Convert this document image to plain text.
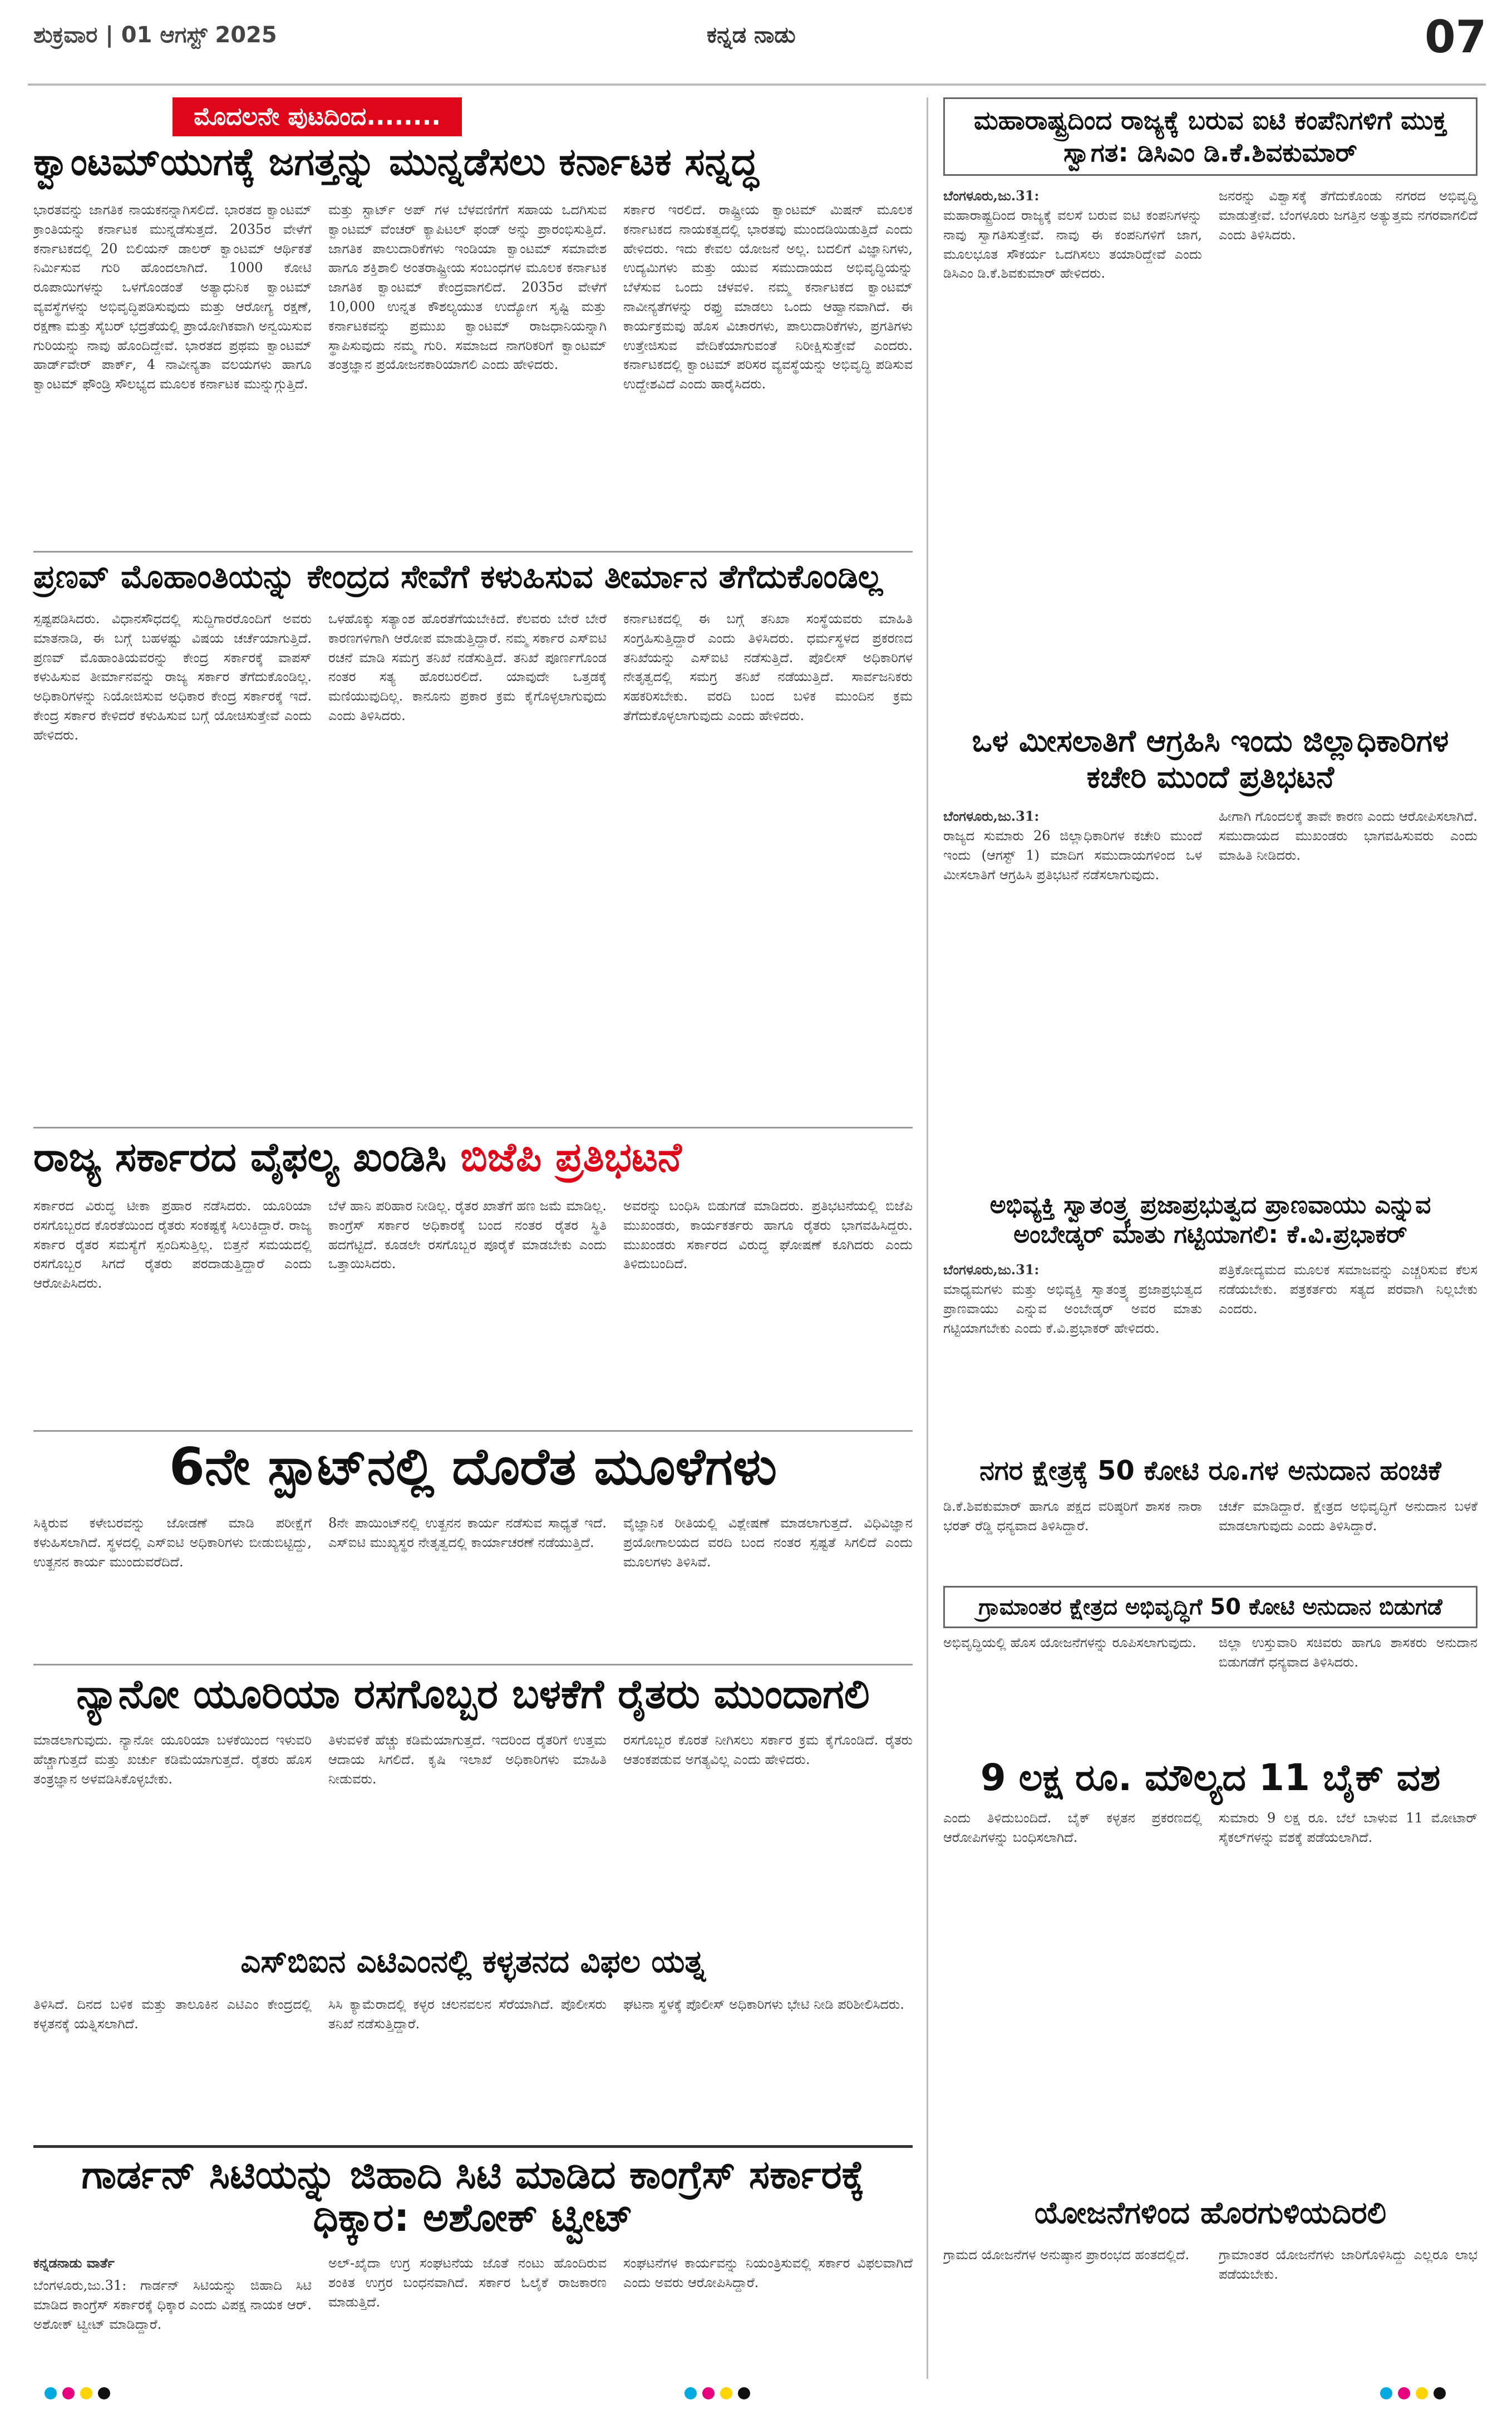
ಶುಕ್ರವಾರ | 01 ಆಗಸ್ಟ್ 2025	ಕನ್ನಡ ನಾಡು	07
ಮೊದಲನೇ ಪುಟದಿಂದ........
ಕ್ವಾಂಟಮ್‌ಯುಗಕ್ಕೆ ಜಗತ್ತನ್ನು ಮುನ್ನಡೆಸಲು ಕರ್ನಾಟಕ ಸನ್ನದ್ಧ
ಭಾರತವನ್ನು ಜಾಗತಿಕ ನಾಯಕನನ್ನಾಗಿಸಲಿದೆ. ಭಾರತದ ಕ್ವಾಂಟಮ್ ಕ್ರಾಂತಿಯನ್ನು ಕರ್ನಾಟಕ ಮುನ್ನಡೆಸುತ್ತದೆ. 2035ರ ವೇಳೆಗೆ ಕರ್ನಾಟಕದಲ್ಲಿ 20 ಬಿಲಿಯನ್ ಡಾಲರ್ ಕ್ವಾಂಟಮ್ ಆರ್ಥಿಕತೆ ನಿರ್ಮಿಸುವ ಗುರಿ ಹೊಂದಲಾಗಿದೆ. 1000 ಕೋಟಿ ರೂಪಾಯಿಗಳನ್ನು ಒಳಗೊಂಡಂತೆ ಅತ್ಯಾಧುನಿಕ ಕ್ವಾಂಟಮ್ ವ್ಯವಸ್ಥೆಗಳನ್ನು ಅಭಿವೃದ್ಧಿಪಡಿಸುವುದು ಮತ್ತು ಆರೋಗ್ಯ ರಕ್ಷಣೆ, ರಕ್ಷಣಾ ಮತ್ತು ಸೈಬರ್ ಭದ್ರತೆಯಲ್ಲಿ ಪ್ರಾಯೋಗಿಕವಾಗಿ ಅನ್ವಯಿಸುವ ಗುರಿಯನ್ನು ನಾವು ಹೊಂದಿದ್ದೇವೆ. ಭಾರತದ ಪ್ರಥಮ ಕ್ವಾಂಟಮ್ ಹಾರ್ಡ್‌ವೇರ್ ಪಾರ್ಕ್, 4 ನಾವೀನ್ಯತಾ ವಲಯಗಳು ಹಾಗೂ ಕ್ವಾಂಟಮ್ ಫೌಂಡ್ರಿ ಸೌಲಭ್ಯದ ಮೂಲಕ ಕರ್ನಾಟಕ ಮುನ್ನುಗ್ಗುತ್ತಿದೆ.
ಮತ್ತು ಸ್ಟಾರ್ಟ್ ಅಪ್ ಗಳ ಬೆಳವಣಿಗೆಗೆ ಸಹಾಯ ಒದಗಿಸುವ ಕ್ವಾಂಟಮ್ ವೆಂಚರ್ ಕ್ಯಾಪಿಟಲ್ ಫಂಡ್ ಅನ್ನು ಪ್ರಾರಂಭಿಸುತ್ತಿದೆ. ಜಾಗತಿಕ ಪಾಲುದಾರಿಕೆಗಳು ಇಂಡಿಯಾ ಕ್ವಾಂಟಮ್ ಸಮಾವೇಶ ಹಾಗೂ ಶಕ್ತಿಶಾಲಿ ಅಂತರಾಷ್ಟ್ರೀಯ ಸಂಬಂಧಗಳ ಮೂಲಕ ಕರ್ನಾಟಕ ಜಾಗತಿಕ ಕ್ವಾಂಟಮ್ ಕೇಂದ್ರವಾಗಲಿದೆ. 2035ರ ವೇಳೆಗೆ 10,000 ಉನ್ನತ ಕೌಶಲ್ಯಯುತ ಉದ್ಯೋಗ ಸೃಷ್ಟಿ ಮತ್ತು ಕರ್ನಾಟಕವನ್ನು ಪ್ರಮುಖ ಕ್ವಾಂಟಮ್ ರಾಜಧಾನಿಯನ್ನಾಗಿ ಸ್ಥಾಪಿಸುವುದು ನಮ್ಮ ಗುರಿ. ಸಮಾಜದ ನಾಗರಿಕರಿಗೆ ಕ್ವಾಂಟಮ್ ತಂತ್ರಜ್ಞಾನ ಪ್ರಯೋಜನಕಾರಿಯಾಗಲಿ ಎಂದು ಹೇಳಿದರು.
ಸರ್ಕಾರ ಇರಲಿದೆ. ರಾಷ್ಟ್ರೀಯ ಕ್ವಾಂಟಮ್ ಮಿಷನ್ ಮೂಲಕ ಕರ್ನಾಟಕದ ನಾಯಕತ್ವದಲ್ಲಿ ಭಾರತವು ಮುಂದಡಿಯಿಡುತ್ತಿದೆ ಎಂದು ಹೇಳಿದರು. ಇದು ಕೇವಲ ಯೋಜನೆ ಅಲ್ಲ. ಬದಲಿಗೆ ವಿಜ್ಞಾನಿಗಳು, ಉದ್ಯಮಿಗಳು ಮತ್ತು ಯುವ ಸಮುದಾಯದ ಅಭಿವೃದ್ಧಿಯನ್ನು ಬೆಳೆಸುವ ಒಂದು ಚಳವಳಿ. ನಮ್ಮ ಕರ್ನಾಟಕದ ಕ್ವಾಂಟಮ್ ನಾವೀನ್ಯತೆಗಳನ್ನು ರಫ್ತು ಮಾಡಲು ಒಂದು ಆಹ್ವಾನವಾಗಿದೆ. ಈ ಕಾರ್ಯಕ್ರಮವು ಹೊಸ ವಿಚಾರಗಳು, ಪಾಲುದಾರಿಕೆಗಳು, ಪ್ರಗತಿಗಳು ಉತ್ತೇಜಿಸುವ ವೇದಿಕೆಯಾಗುವಂತೆ ನಿರೀಕ್ಷಿಸುತ್ತೇವೆ ಎಂದರು. ಕರ್ನಾಟಕದಲ್ಲಿ ಕ್ವಾಂಟಮ್ ಪರಿಸರ ವ್ಯವಸ್ಥೆಯನ್ನು ಅಭಿವೃದ್ಧಿ ಪಡಿಸುವ ಉದ್ದೇಶವಿದೆ ಎಂದು ಹಾರೈಸಿದರು.
ಪ್ರಣವ್ ಮೊಹಾಂತಿಯನ್ನು ಕೇಂದ್ರದ ಸೇವೆಗೆ ಕಳುಹಿಸುವ ತೀರ್ಮಾನ ತೆಗೆದುಕೊಂಡಿಲ್ಲ
ಸ್ಪಷ್ಟಪಡಿಸಿದರು. ವಿಧಾನಸೌಧದಲ್ಲಿ ಸುದ್ದಿಗಾರರೊಂದಿಗೆ ಅವರು ಮಾತನಾಡಿ, ಈ ಬಗ್ಗೆ ಬಹಳಷ್ಟು ವಿಷಯ ಚರ್ಚೆಯಾಗುತ್ತಿದೆ. ಪ್ರಣವ್ ಮೊಹಾಂತಿಯವರನ್ನು ಕೇಂದ್ರ ಸರ್ಕಾರಕ್ಕೆ ವಾಪಸ್ ಕಳುಹಿಸುವ ತೀರ್ಮಾನವನ್ನು ರಾಜ್ಯ ಸರ್ಕಾರ ತೆಗೆದುಕೊಂಡಿಲ್ಲ. ಅಧಿಕಾರಿಗಳನ್ನು ನಿಯೋಜಿಸುವ ಅಧಿಕಾರ ಕೇಂದ್ರ ಸರ್ಕಾರಕ್ಕೆ ಇದೆ. ಕೇಂದ್ರ ಸರ್ಕಾರ ಕೇಳಿದರೆ ಕಳುಹಿಸುವ ಬಗ್ಗೆ ಯೋಚಿಸುತ್ತೇವೆ ಎಂದು ಹೇಳಿದರು.
ಒಳಹೊಕ್ಕು ಸತ್ಯಾಂಶ ಹೊರತೆಗೆಯಬೇಕಿದೆ. ಕೆಲವರು ಬೇರೆ ಬೇರೆ ಕಾರಣಗಳಿಗಾಗಿ ಆರೋಪ ಮಾಡುತ್ತಿದ್ದಾರೆ. ನಮ್ಮ ಸರ್ಕಾರ ಎಸ್‌ಐಟಿ ರಚನೆ ಮಾಡಿ ಸಮಗ್ರ ತನಿಖೆ ನಡೆಸುತ್ತಿದೆ. ತನಿಖೆ ಪೂರ್ಣಗೊಂಡ ನಂತರ ಸತ್ಯ ಹೊರಬರಲಿದೆ. ಯಾವುದೇ ಒತ್ತಡಕ್ಕೆ ಮಣಿಯುವುದಿಲ್ಲ. ಕಾನೂನು ಪ್ರಕಾರ ಕ್ರಮ ಕೈಗೊಳ್ಳಲಾಗುವುದು ಎಂದು ತಿಳಿಸಿದರು.
ಕರ್ನಾಟಕದಲ್ಲಿ ಈ ಬಗ್ಗೆ ತನಿಖಾ ಸಂಸ್ಥೆಯವರು ಮಾಹಿತಿ ಸಂಗ್ರಹಿಸುತ್ತಿದ್ದಾರೆ ಎಂದು ತಿಳಿಸಿದರು. ಧರ್ಮಸ್ಥಳದ ಪ್ರಕರಣದ ತನಿಖೆಯನ್ನು ಎಸ್‌ಐಟಿ ನಡೆಸುತ್ತಿದೆ. ಪೊಲೀಸ್ ಅಧಿಕಾರಿಗಳ ನೇತೃತ್ವದಲ್ಲಿ ಸಮಗ್ರ ತನಿಖೆ ನಡೆಯುತ್ತಿದೆ. ಸಾರ್ವಜನಿಕರು ಸಹಕರಿಸಬೇಕು. ವರದಿ ಬಂದ ಬಳಿಕ ಮುಂದಿನ ಕ್ರಮ ತೆಗೆದುಕೊಳ್ಳಲಾಗುವುದು ಎಂದು ಹೇಳಿದರು.
ರಾಜ್ಯ ಸರ್ಕಾರದ ವೈಫಲ್ಯ ಖಂಡಿಸಿ ಬಿಜೆಪಿ ಪ್ರತಿಭಟನೆ
ಸರ್ಕಾರದ ವಿರುದ್ಧ ಟೀಕಾ ಪ್ರಹಾರ ನಡೆಸಿದರು. ಯೂರಿಯಾ ರಸಗೊಬ್ಬರದ ಕೊರತೆಯಿಂದ ರೈತರು ಸಂಕಷ್ಟಕ್ಕೆ ಸಿಲುಕಿದ್ದಾರೆ. ರಾಜ್ಯ ಸರ್ಕಾರ ರೈತರ ಸಮಸ್ಯೆಗೆ ಸ್ಪಂದಿಸುತ್ತಿಲ್ಲ. ಬಿತ್ತನೆ ಸಮಯದಲ್ಲಿ ರಸಗೊಬ್ಬರ ಸಿಗದೆ ರೈತರು ಪರದಾಡುತ್ತಿದ್ದಾರೆ ಎಂದು ಆರೋಪಿಸಿದರು.
ಬೆಳೆ ಹಾನಿ ಪರಿಹಾರ ನೀಡಿಲ್ಲ. ರೈತರ ಖಾತೆಗೆ ಹಣ ಜಮೆ ಮಾಡಿಲ್ಲ. ಕಾಂಗ್ರೆಸ್ ಸರ್ಕಾರ ಅಧಿಕಾರಕ್ಕೆ ಬಂದ ನಂತರ ರೈತರ ಸ್ಥಿತಿ ಹದಗೆಟ್ಟಿದೆ. ಕೂಡಲೇ ರಸಗೊಬ್ಬರ ಪೂರೈಕೆ ಮಾಡಬೇಕು ಎಂದು ಒತ್ತಾಯಿಸಿದರು.
ಅವರನ್ನು ಬಂಧಿಸಿ ಬಿಡುಗಡೆ ಮಾಡಿದರು. ಪ್ರತಿಭಟನೆಯಲ್ಲಿ ಬಿಜೆಪಿ ಮುಖಂಡರು, ಕಾರ್ಯಕರ್ತರು ಹಾಗೂ ರೈತರು ಭಾಗವಹಿಸಿದ್ದರು. ಮುಖಂಡರು ಸರ್ಕಾರದ ವಿರುದ್ಧ ಘೋಷಣೆ ಕೂಗಿದರು ಎಂದು ತಿಳಿದುಬಂದಿದೆ.
6ನೇ ಸ್ಪಾಟ್‌ನಲ್ಲಿ ದೊರೆತ ಮೂಳೆಗಳು
ಸಿಕ್ಕಿರುವ ಕಳೇಬರವನ್ನು ಜೋಡಣೆ ಮಾಡಿ ಪರೀಕ್ಷೆಗೆ ಕಳುಹಿಸಲಾಗಿದೆ. ಸ್ಥಳದಲ್ಲಿ ಎಸ್‌ಐಟಿ ಅಧಿಕಾರಿಗಳು ಬೀಡುಬಿಟ್ಟಿದ್ದು, ಉತ್ಖನನ ಕಾರ್ಯ ಮುಂದುವರೆದಿದೆ.
8ನೇ ಪಾಯಿಂಟ್‌ನಲ್ಲಿ ಉತ್ಖನನ ಕಾರ್ಯ ನಡೆಸುವ ಸಾಧ್ಯತೆ ಇದೆ. ಎಸ್‌ಐಟಿ ಮುಖ್ಯಸ್ಥರ ನೇತೃತ್ವದಲ್ಲಿ ಕಾರ್ಯಾಚರಣೆ ನಡೆಯುತ್ತಿದೆ.
ವೈಜ್ಞಾನಿಕ ರೀತಿಯಲ್ಲಿ ವಿಶ್ಲೇಷಣೆ ಮಾಡಲಾಗುತ್ತದೆ. ವಿಧಿವಿಜ್ಞಾನ ಪ್ರಯೋಗಾಲಯದ ವರದಿ ಬಂದ ನಂತರ ಸ್ಪಷ್ಟತೆ ಸಿಗಲಿದೆ ಎಂದು ಮೂಲಗಳು ತಿಳಿಸಿವೆ.
ನ್ಯಾನೋ ಯೂರಿಯಾ ರಸಗೊಬ್ಬರ ಬಳಕೆಗೆ ರೈತರು ಮುಂದಾಗಲಿ
ಮಾಡಲಾಗುವುದು. ನ್ಯಾನೋ ಯೂರಿಯಾ ಬಳಕೆಯಿಂದ ಇಳುವರಿ ಹೆಚ್ಚಾಗುತ್ತದೆ ಮತ್ತು ಖರ್ಚು ಕಡಿಮೆಯಾಗುತ್ತದೆ. ರೈತರು ಹೊಸ ತಂತ್ರಜ್ಞಾನ ಅಳವಡಿಸಿಕೊಳ್ಳಬೇಕು.
ತಿಳುವಳಿಕೆ ಹೆಚ್ಚು ಕಡಿಮೆಯಾಗುತ್ತದೆ. ಇದರಿಂದ ರೈತರಿಗೆ ಉತ್ತಮ ಆದಾಯ ಸಿಗಲಿದೆ. ಕೃಷಿ ಇಲಾಖೆ ಅಧಿಕಾರಿಗಳು ಮಾಹಿತಿ ನೀಡುವರು.
ರಸಗೊಬ್ಬರ ಕೊರತೆ ನೀಗಿಸಲು ಸರ್ಕಾರ ಕ್ರಮ ಕೈಗೊಂಡಿದೆ. ರೈತರು ಆತಂಕಪಡುವ ಅಗತ್ಯವಿಲ್ಲ ಎಂದು ಹೇಳಿದರು.
ಎಸ್‌ಬಿಐನ ಎಟಿಎಂನಲ್ಲಿ ಕಳ್ಳತನದ ವಿಫಲ ಯತ್ನ
ತಿಳಿಸಿದೆ. ದಿನದ ಬಳಿಕ ಮತ್ತು ತಾಲೂಕಿನ ಎಟಿಎಂ ಕೇಂದ್ರದಲ್ಲಿ ಕಳ್ಳತನಕ್ಕೆ ಯತ್ನಿಸಲಾಗಿದೆ.
ಸಿಸಿ ಕ್ಯಾಮೆರಾದಲ್ಲಿ ಕಳ್ಳರ ಚಲನವಲನ ಸೆರೆಯಾಗಿದೆ. ಪೊಲೀಸರು ತನಿಖೆ ನಡೆಸುತ್ತಿದ್ದಾರೆ.
ಘಟನಾ ಸ್ಥಳಕ್ಕೆ ಪೊಲೀಸ್ ಅಧಿಕಾರಿಗಳು ಭೇಟಿ ನೀಡಿ ಪರಿಶೀಲಿಸಿದರು.
ಗಾರ್ಡನ್ ಸಿಟಿಯನ್ನು ಜಿಹಾದಿ ಸಿಟಿ ಮಾಡಿದ ಕಾಂಗ್ರೆಸ್ ಸರ್ಕಾರಕ್ಕೆ ಧಿಕ್ಕಾರ: ಅಶೋಕ್ ಟ್ವೀಟ್
ಕನ್ನಡನಾಡು ವಾರ್ತೆ
ಬೆಂಗಳೂರು,ಜು.31: ಗಾರ್ಡನ್ ಸಿಟಿಯನ್ನು ಜಿಹಾದಿ ಸಿಟಿ ಮಾಡಿದ ಕಾಂಗ್ರೆಸ್ ಸರ್ಕಾರಕ್ಕೆ ಧಿಕ್ಕಾರ ಎಂದು ವಿಪಕ್ಷ ನಾಯಕ ಆರ್. ಅಶೋಕ್ ಟ್ವೀಟ್ ಮಾಡಿದ್ದಾರೆ.
ಅಲ್-ಖೈದಾ ಉಗ್ರ ಸಂಘಟನೆಯ ಜೊತೆ ನಂಟು ಹೊಂದಿರುವ ಶಂಕಿತ ಉಗ್ರರ ಬಂಧನವಾಗಿದೆ. ಸರ್ಕಾರ ಓಲೈಕೆ ರಾಜಕಾರಣ ಮಾಡುತ್ತಿದೆ.
ಸಂಘಟನೆಗಳ ಕಾರ್ಯವನ್ನು ನಿಯಂತ್ರಿಸುವಲ್ಲಿ ಸರ್ಕಾರ ವಿಫಲವಾಗಿದೆ ಎಂದು ಅವರು ಆರೋಪಿಸಿದ್ದಾರೆ.
ಮಹಾರಾಷ್ಟ್ರದಿಂದ ರಾಜ್ಯಕ್ಕೆ ಬರುವ ಐಟಿ ಕಂಪೆನಿಗಳಿಗೆ ಮುಕ್ತ ಸ್ವಾಗತ: ಡಿಸಿಎಂ ಡಿ.ಕೆ.ಶಿವಕುಮಾರ್
ಬೆಂಗಳೂರು,ಜು.31:
ಮಹಾರಾಷ್ಟ್ರದಿಂದ ರಾಜ್ಯಕ್ಕೆ ವಲಸೆ ಬರುವ ಐಟಿ ಕಂಪನಿಗಳನ್ನು ನಾವು ಸ್ವಾಗತಿಸುತ್ತೇವೆ. ನಾವು ಈ ಕಂಪನಿಗಳಿಗೆ ಜಾಗ, ಮೂಲಭೂತ ಸೌಕರ್ಯ ಒದಗಿಸಲು ತಯಾರಿದ್ದೇವೆ ಎಂದು ಡಿಸಿಎಂ ಡಿ.ಕೆ.ಶಿವಕುಮಾರ್ ಹೇಳಿದರು.
ಜನರನ್ನು ವಿಶ್ವಾಸಕ್ಕೆ ತೆಗೆದುಕೊಂಡು ನಗರದ ಅಭಿವೃದ್ಧಿ ಮಾಡುತ್ತೇವೆ. ಬೆಂಗಳೂರು ಜಗತ್ತಿನ ಅತ್ಯುತ್ತಮ ನಗರವಾಗಲಿದೆ ಎಂದು ತಿಳಿಸಿದರು.
ಒಳ ಮೀಸಲಾತಿಗೆ ಆಗ್ರಹಿಸಿ ಇಂದು ಜಿಲ್ಲಾಧಿಕಾರಿಗಳ ಕಚೇರಿ ಮುಂದೆ ಪ್ರತಿಭಟನೆ
ಬೆಂಗಳೂರು,ಜು.31:
ರಾಜ್ಯದ ಸುಮಾರು 26 ಜಿಲ್ಲಾಧಿಕಾರಿಗಳ ಕಚೇರಿ ಮುಂದೆ ಇಂದು (ಆಗಸ್ಟ್ 1) ಮಾದಿಗ ಸಮುದಾಯಗಳಿಂದ ಒಳ ಮೀಸಲಾತಿಗೆ ಆಗ್ರಹಿಸಿ ಪ್ರತಿಭಟನೆ ನಡೆಸಲಾಗುವುದು.
ಹೀಗಾಗಿ ಗೊಂದಲಕ್ಕೆ ತಾವೇ ಕಾರಣ ಎಂದು ಆರೋಪಿಸಲಾಗಿದೆ. ಸಮುದಾಯದ ಮುಖಂಡರು ಭಾಗವಹಿಸುವರು ಎಂದು ಮಾಹಿತಿ ನೀಡಿದರು.
ಅಭಿವ್ಯಕ್ತಿ ಸ್ವಾತಂತ್ರ್ಯ ಪ್ರಜಾಪ್ರಭುತ್ವದ ಪ್ರಾಣವಾಯು ಎನ್ನುವ ಅಂಬೇಡ್ಕರ್ ಮಾತು ಗಟ್ಟಿಯಾಗಲಿ: ಕೆ.ವಿ.ಪ್ರಭಾಕರ್
ಬೆಂಗಳೂರು,ಜು.31:
ಮಾಧ್ಯಮಗಳು ಮತ್ತು ಅಭಿವ್ಯಕ್ತಿ ಸ್ವಾತಂತ್ರ್ಯ ಪ್ರಜಾಪ್ರಭುತ್ವದ ಪ್ರಾಣವಾಯು ಎನ್ನುವ ಅಂಬೇಡ್ಕರ್ ಅವರ ಮಾತು ಗಟ್ಟಿಯಾಗಬೇಕು ಎಂದು ಕೆ.ವಿ.ಪ್ರಭಾಕರ್ ಹೇಳಿದರು.
ಪತ್ರಿಕೋದ್ಯಮದ ಮೂಲಕ ಸಮಾಜವನ್ನು ಎಚ್ಚರಿಸುವ ಕೆಲಸ ನಡೆಯಬೇಕು. ಪತ್ರಕರ್ತರು ಸತ್ಯದ ಪರವಾಗಿ ನಿಲ್ಲಬೇಕು ಎಂದರು.
ನಗರ ಕ್ಷೇತ್ರಕ್ಕೆ 50 ಕೋಟಿ ರೂ.ಗಳ ಅನುದಾನ ಹಂಚಿಕೆ
ಡಿ.ಕೆ.ಶಿವಕುಮಾರ್ ಹಾಗೂ ಪಕ್ಷದ ವರಿಷ್ಠರಿಗೆ ಶಾಸಕ ನಾರಾ ಭರತ್ ರೆಡ್ಡಿ ಧನ್ಯವಾದ ತಿಳಿಸಿದ್ದಾರೆ.
ಚರ್ಚೆ ಮಾಡಿದ್ದಾರೆ. ಕ್ಷೇತ್ರದ ಅಭಿವೃದ್ಧಿಗೆ ಅನುದಾನ ಬಳಕೆ ಮಾಡಲಾಗುವುದು ಎಂದು ತಿಳಿಸಿದ್ದಾರೆ.
ಗ್ರಾಮಾಂತರ ಕ್ಷೇತ್ರದ ಅಭಿವೃದ್ಧಿಗೆ 50 ಕೋಟಿ ಅನುದಾನ ಬಿಡುಗಡೆ
ಅಭಿವೃದ್ಧಿಯಲ್ಲಿ ಹೊಸ ಯೋಜನೆಗಳನ್ನು ರೂಪಿಸಲಾಗುವುದು.	ಜಿಲ್ಲಾ ಉಸ್ತುವಾರಿ ಸಚಿವರು ಹಾಗೂ ಶಾಸಕರು ಅನುದಾನ ಬಿಡುಗಡೆಗೆ ಧನ್ಯವಾದ ತಿಳಿಸಿದರು.
9 ಲಕ್ಷ ರೂ. ಮೌಲ್ಯದ 11 ಬೈಕ್ ವಶ
ಎಂದು ತಿಳಿದುಬಂದಿದೆ. ಬೈಕ್ ಕಳ್ಳತನ ಪ್ರಕರಣದಲ್ಲಿ ಆರೋಪಿಗಳನ್ನು ಬಂಧಿಸಲಾಗಿದೆ.
ಸುಮಾರು 9 ಲಕ್ಷ ರೂ. ಬೆಲೆ ಬಾಳುವ 11 ಮೋಟಾರ್ ಸೈಕಲ್‌ಗಳನ್ನು ವಶಕ್ಕೆ ಪಡೆಯಲಾಗಿದೆ.
ಯೋಜನೆಗಳಿಂದ ಹೊರಗುಳಿಯದಿರಲಿ
ಗ್ರಾಮದ ಯೋಜನೆಗಳ ಅನುಷ್ಠಾನ ಪ್ರಾರಂಭದ ಹಂತದಲ್ಲಿದೆ.	ಗ್ರಾಮಾಂತರ ಯೋಜನೆಗಳು ಜಾರಿಗೊಳಿಸಿದ್ದು ಎಲ್ಲರೂ ಲಾಭ ಪಡೆಯಬೇಕು.
